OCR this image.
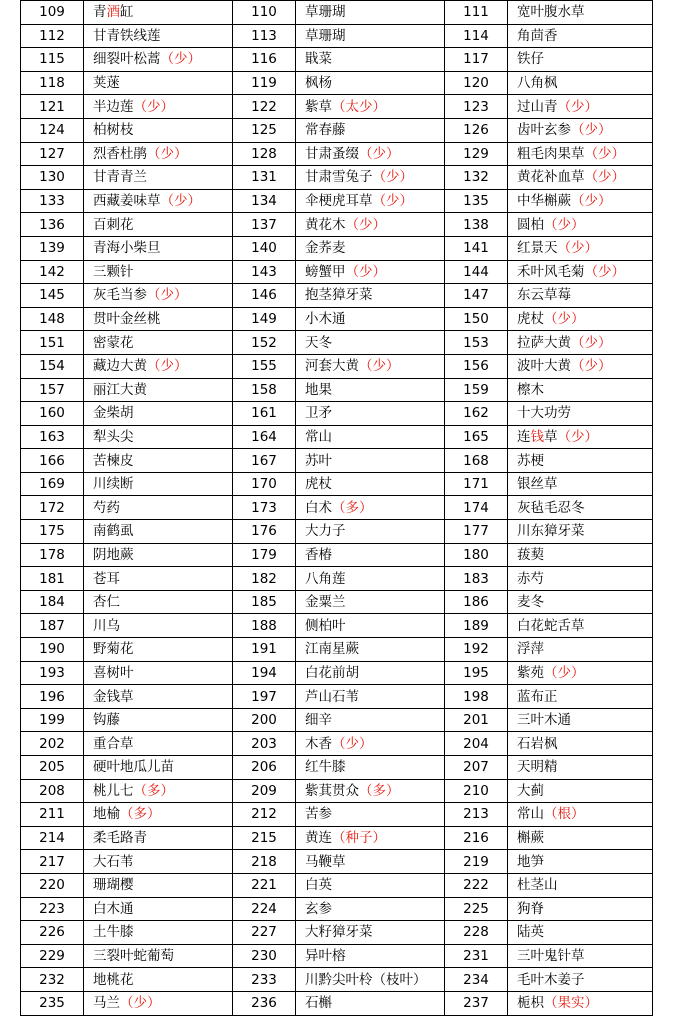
109	青酒缸	110	草珊瑚	111	宽叶腹水草
112	甘青铁线莲	113	草珊瑚	114	角茴香
115	细裂叶松蒿（少）	116	戢菜	117	铁仔
118	荚蒾	119	枫杨	120	八角枫
121	半边莲（少）	122	紫草（太少）	123	过山青（少）
124	柏树枝	125	常春藤	126	齿叶玄参（少）
127	烈香杜鹃（少）	128	甘肃蚤缀（少）	129	粗毛肉果草（少）
130	甘青青兰	131	甘肃雪兔子（少）	132	黄花补血草（少）
133	西藏姜味草（少）	134	伞梗虎耳草（少）	135	中华槲蕨（少）
136	百刺花	137	黄花木（少）	138	圆柏（少）
139	青海小柴旦	140	金荞麦	141	红景天（少）
142	三颗针	143	螃蟹甲（少）	144	禾叶风毛菊（少）
145	灰毛当参（少）	146	抱茎獐牙菜	147	东云草莓
148	贯叶金丝桃	149	小木通	150	虎杖（少）
151	密蒙花	152	天冬	153	拉萨大黄（少）
154	藏边大黄（少）	155	河套大黄（少）	156	波叶大黄（少）
157	丽江大黄	158	地果	159	檫木
160	金柴胡	161	卫矛	162	十大功劳
163	犁头尖	164	常山	165	连钱草（少）
166	苦楝皮	167	苏叶	168	苏梗
169	川续断	170	虎杖	171	银丝草
172	芍药	173	白术（多）	174	灰毡毛忍冬
175	南鹤虱	176	大力子	177	川东獐牙菜
178	阴地蕨	179	香椿	180	菝葜
181	苍耳	182	八角莲	183	赤芍
184	杏仁	185	金粟兰	186	麦冬
187	川乌	188	侧柏叶	189	白花蛇舌草
190	野菊花	191	江南星蕨	192	浮萍
193	喜树叶	194	白花前胡	195	紫苑（少）
196	金钱草	197	芦山石苇	198	蓝布正
199	钩藤	200	细辛	201	三叶木通
202	重合草	203	木香（少）	204	石岩枫
205	硬叶地瓜儿苗	206	红牛膝	207	天明精
208	桃儿七（多）	209	紫萁贯众（多）	210	大蓟
211	地榆（多）	212	苦参	213	常山（根）
214	柔毛路青	215	黄连（种子）	216	槲蕨
217	大石苇	218	马鞭草	219	地笋
220	珊瑚樱	221	白英	222	杜茎山
223	白木通	224	玄参	225	狗脊
226	土牛膝	227	大籽獐牙菜	228	陆英
229	三裂叶蛇葡萄	230	异叶榕	231	三叶鬼针草
232	地桃花	233	川黔尖叶柃（枝叶）	234	毛叶木姜子
235	马兰（少）	236	石槲	237	栀枳（果实）
